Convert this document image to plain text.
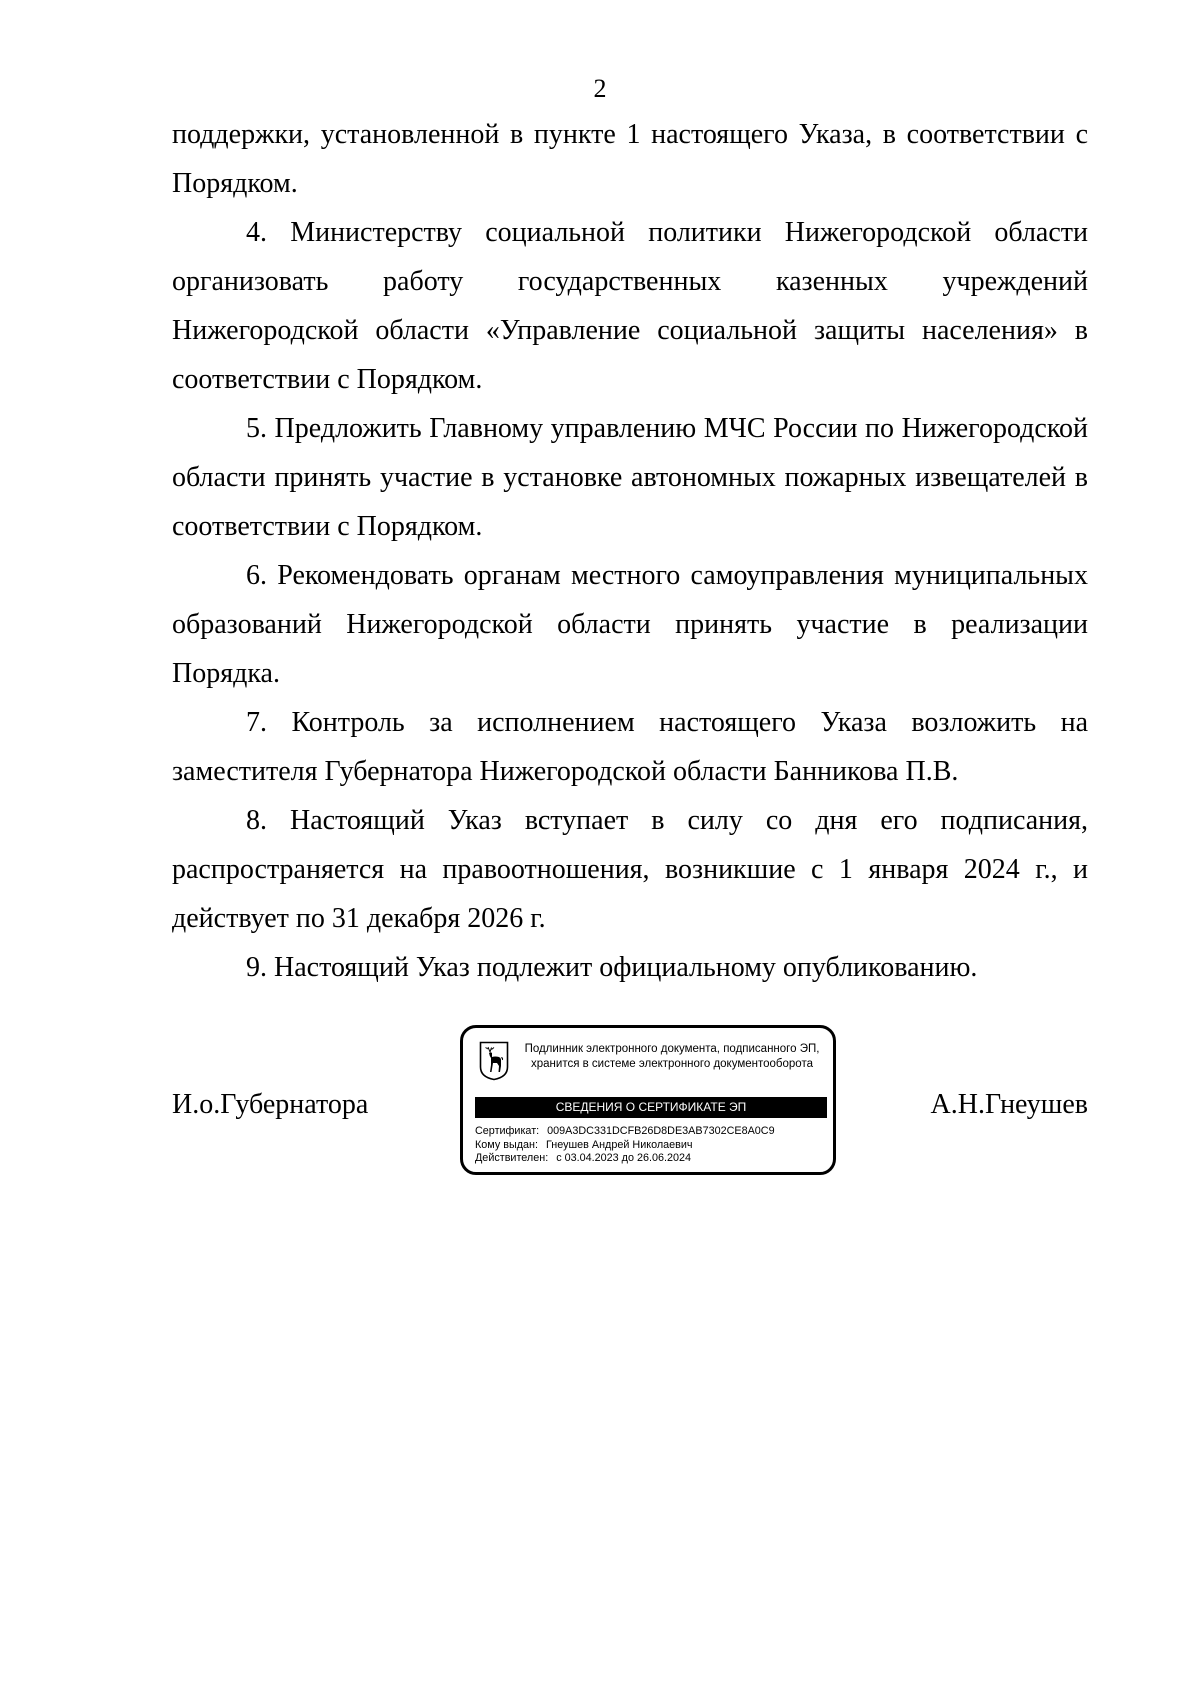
2

поддержки, установленной в пункте 1 настоящего Указа, в соответствии с Порядком.

4. Министерству социальной политики Нижегородской области организовать работу государственных казенных учреждений Нижегородской области «Управление социальной защиты населения» в соответствии с Порядком.

5. Предложить Главному управлению МЧС России по Нижегородской области принять участие в установке автономных пожарных извещателей в соответствии с Порядком.

6. Рекомендовать органам местного самоуправления муниципальных образований Нижегородской области принять участие в реализации Порядка.

7. Контроль за исполнением настоящего Указа возложить на заместителя Губернатора Нижегородской области Банникова П.В.

8. Настоящий Указ вступает в силу со дня его подписания, распространяется на правоотношения, возникшие с 1 января 2024 г., и действует по 31 декабря 2026 г.

9. Настоящий Указ подлежит официальному опубликованию.

И.о.Губернатора	А.Н.Гнеушев
Подлинник электронного документа, подписанного ЭП,
хранится в системе электронного документооборота
СВЕДЕНИЯ О СЕРТИФИКАТЕ ЭП
Сертификат: 009A3DC331DCFB26D8DE3AB7302CE8A0C9
Кому выдан: Гнеушев Андрей Николаевич
Действителен: с 03.04.2023 до 26.06.2024
